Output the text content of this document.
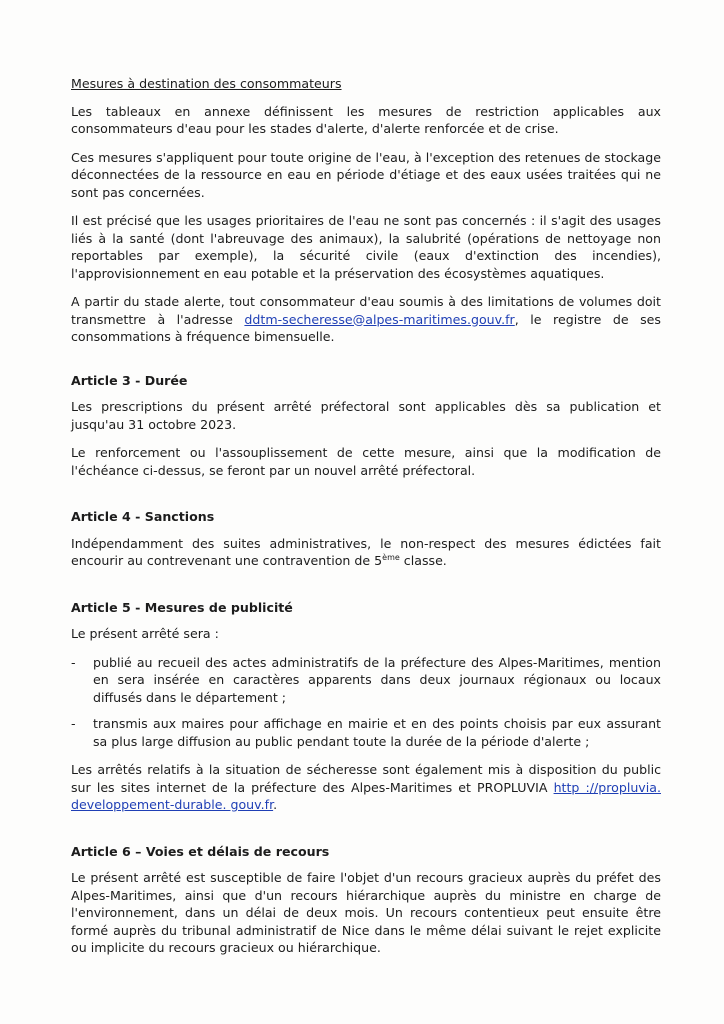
Mesures à destination des consommateurs

Les tableaux en annexe définissent les mesures de restriction applicables aux consommateurs d'eau pour les stades d'alerte, d'alerte renforcée et de crise.

Ces mesures s'appliquent pour toute origine de l'eau, à l'exception des retenues de stockage déconnectées de la ressource en eau en période d'étiage et des eaux usées traitées qui ne sont pas concernées.

Il est précisé que les usages prioritaires de l'eau ne sont pas concernés : il s'agit des usages liés à la santé (dont l'abreuvage des animaux), la salubrité (opérations de nettoyage non reportables par exemple), la sécurité civile (eaux d'extinction des incendies), l'approvisionnement en eau potable et la préservation des écosystèmes aquatiques.

A partir du stade alerte, tout consommateur d'eau soumis à des limitations de volumes doit transmettre à l'adresse ddtm-secheresse@alpes-maritimes.gouv.fr, le registre de ses consommations à fréquence bimensuelle.

Article 3 - Durée

Les prescriptions du présent arrêté préfectoral sont applicables dès sa publication et jusqu'au 31 octobre 2023.

Le renforcement ou l'assouplissement de cette mesure, ainsi que la modification de l'échéance ci-dessus, se feront par un nouvel arrêté préfectoral.

Article 4 - Sanctions

Indépendamment des suites administratives, le non-respect des mesures édictées fait encourir au contrevenant une contravention de 5ème classe.

Article 5 - Mesures de publicité

Le présent arrêté sera :

- publié au recueil des actes administratifs de la préfecture des Alpes-Maritimes, mention en sera insérée en caractères apparents dans deux journaux régionaux ou locaux diffusés dans le département ;
- transmis aux maires pour affichage en mairie et en des points choisis par eux assurant sa plus large diffusion au public pendant toute la durée de la période d'alerte ;

Les arrêtés relatifs à la situation de sécheresse sont également mis à disposition du public sur les sites internet de la préfecture des Alpes-Maritimes et PROPLUVIA http ://propluvia. developpement-durable. gouv.fr.

Article 6 – Voies et délais de recours

Le présent arrêté est susceptible de faire l'objet d'un recours gracieux auprès du préfet des Alpes-Maritimes, ainsi que d'un recours hiérarchique auprès du ministre en charge de l'environnement, dans un délai de deux mois. Un recours contentieux peut ensuite être formé auprès du tribunal administratif de Nice dans le même délai suivant le rejet explicite ou implicite du recours gracieux ou hiérarchique.
